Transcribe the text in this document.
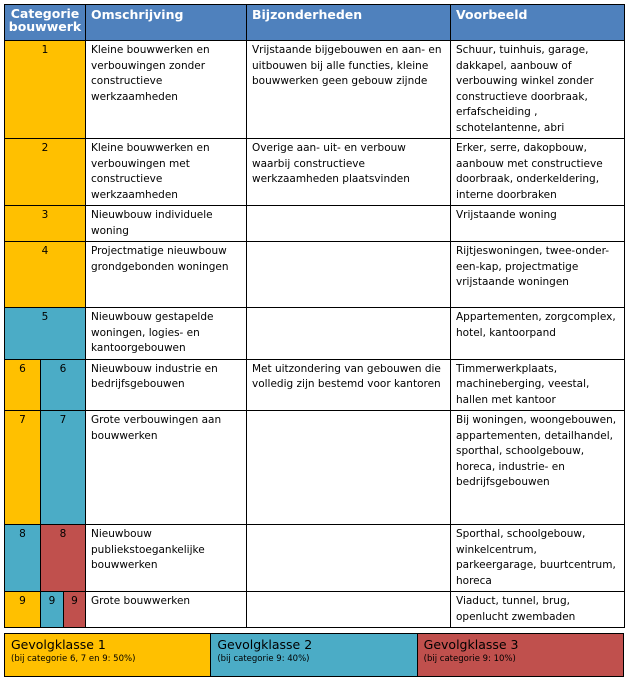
Categorie bouwwerk			Omschrijving	Bijzonderheden	Voorbeeld
1			Kleine bouwwerken en verbouwingen zonder constructieve werkzaamheden	Vrijstaande bijgebouwen en aan- en uitbouwen bij alle functies, kleine bouwwerken geen gebouw zijnde	Schuur, tuinhuis, garage, dakkapel, aanbouw of verbouwing winkel zonder constructieve doorbraak, erfafscheiding , schotelantenne, abri
2			Kleine bouwwerken en verbouwingen met constructieve werkzaamheden	Overige aan- uit- en verbouw waarbij constructieve werkzaamheden plaatsvinden	Erker, serre, dakopbouw, aanbouw met constructieve doorbraak, onderkeldering, interne doorbraken
3			Nieuwbouw individuele woning		Vrijstaande woning
4			Projectmatige nieuwbouw grondgebonden woningen		Rijtjeswoningen, twee-onder-een-kap, projectmatige vrijstaande woningen
5			Nieuwbouw gestapelde woningen, logies- en kantoorgebouwen		Appartementen, zorgcomplex, hotel, kantoorpand
6	6		Nieuwbouw industrie en bedrijfsgebouwen	Met uitzondering van gebouwen die volledig zijn bestemd voor kantoren	Timmerwerkplaats, machineberging, veestal, hallen met kantoor
7	7		Grote verbouwingen aan bouwwerken		Bij woningen, woongebouwen, appartementen, detailhandel, sporthal, schoolgebouw, horeca, industrie- en bedrijfsgebouwen
8	8		Nieuwbouw publiekstoegankelijke bouwwerken		Sporthal, schoolgebouw, winkelcentrum, parkeergarage, buurtcentrum, horeca
9	9	9	Grote bouwwerken		Viaduct, tunnel, brug, openlucht zwembaden
Gevolgklasse 1
(bij categorie 6, 7 en 9: 50%)
Gevolgklasse 2
(bij categorie 9: 40%)
Gevolgklasse 3
(bij categorie 9: 10%)
